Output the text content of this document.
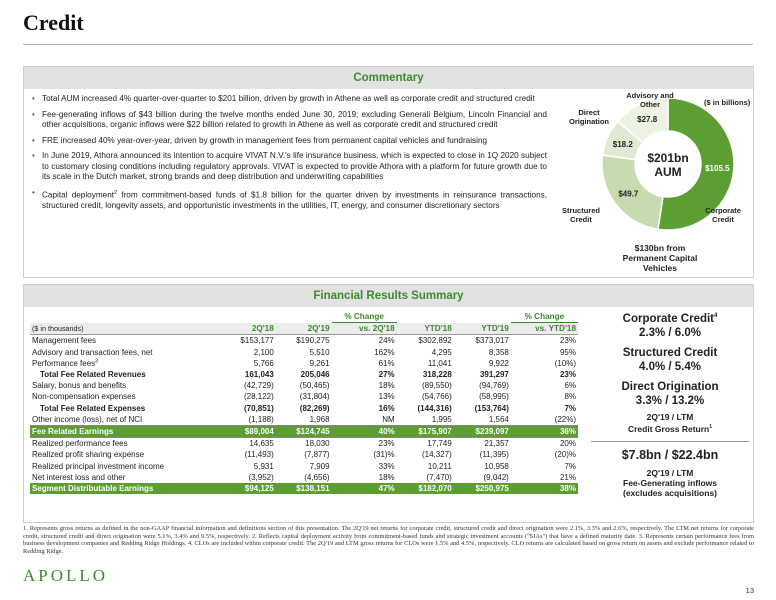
Credit
Commentary
• Total AUM increased 4% quarter-over-quarter to $201 billion, driven by growth in Athene as well as corporate credit and structured credit
• Fee-generating inflows of $43 billion during the twelve months ended June 30, 2019; excluding Generali Belgium, Lincoln Financial and other acquisitions, organic inflows were $22 billion related to growth in Athene as well as corporate credit and structured credit
• FRE increased 40% year-over-year, driven by growth in management fees from permanent capital vehicles and fundraising
• In June 2019, Athora announced its intention to acquire VIVAT N.V.'s life insurance business, which is expected to close in 1Q 2020 subject to customary closing conditions including regulatory approvals. VIVAT is expected to provide Athora with a platform for future growth due to its scale in the Dutch market, strong brands and deep distribution and underwriting capabilities
• Capital deployment$^2$ from commitment-based funds of $1.8 billion for the quarter driven by investments in reinsurance transactions, structured credit, longevity assets, and opportunistic investments in the utilities, IT, energy, and consumer discretionary sectors
$105.5
$49.7
$18.2
$27.8
$201bn
AUM
($ in billions)
Advisory and Other
Direct Origination
Corporate Credit
Structured Credit
$130bn from
Permanent Capital Vehicles
Financial Results Summary
			% Change			% Change
($ in thousands)	2Q'18	2Q'19	vs. 2Q'18	YTD'18	YTD'19	vs. YTD'18
Management fees	$153,177	$190,275	24%	$302,892	$373,017	23%
Advisory and transaction fees, net	2,100	5,510	162%	4,295	8,358	95%
Performance fees$^3$	5,766	9,261	61%	11,041	9,922	(10%)
Total Fee Related Revenues	161,043	205,046	27%	318,228	391,297	23%
Salary, bonus and benefits	(42,729)	(50,465)	18%	(89,550)	(94,769)	6%
Non-compensation expenses	(28,122)	(31,804)	13%	(54,766)	(58,995)	8%
Total Fee Related Expenses	(70,851)	(82,269)	16%	(144,316)	(153,764)	7%
Other income (loss), net of NCI	(1,188)	1,968	NM	1,995	1,564	(22%)
Fee Related Earnings	$89,004	$124,745	40%	$175,907	$239,097	36%
Realized performance fees	14,635	18,030	23%	17,749	21,357	20%
Realized profit sharing expense	(11,493)	(7,877)	(31)%	(14,327)	(11,395)	(20)%
Realized principal investment income	5,931	7,909	33%	10,211	10,958	7%
Net interest loss and other	(3,952)	(4,656)	18%	(7,470)	(9,042)	21%
Segment Distributable Earnings	$94,125	$138,151	47%	$182,070	$250,975	38%
Corporate Credit$^4$
2.3% / 6.0%
Structured Credit
4.0% / 5.4%
Direct Origination
3.3% / 13.2%
2Q'19 / LTM
Credit Gross Return$^1$
$7.8bn / $22.4bn
2Q'19 / LTM
Fee-Generating inflows
(excludes acquisitions)
1. Represents gross returns as defined in the non-GAAP financial information and definitions section of this presentation. The 2Q'19 net returns for corporate credit, structured credit and direct origination were 2.1%, 3.3% and 2.6%, respectively. The LTM net returns for corporate credit, structured credit and direct origination were 5.1%, 3.4% and 9.5%, respectively. 2. Reflects capital deployment activity from commitment-based funds and strategic investment accounts ("SIAs") that have a defined maturity date. 3. Represents certain performance fees from business development companies and Redding Ridge Holdings. 4. CLOs are included within corporate credit. The 2Q'19 and LTM gross returns for CLOs were 1.5% and 4.5%, respectively. CLO returns are calculated based on gross return on assets and exclude performance related to Redding Ridge.
APOLLO
13
